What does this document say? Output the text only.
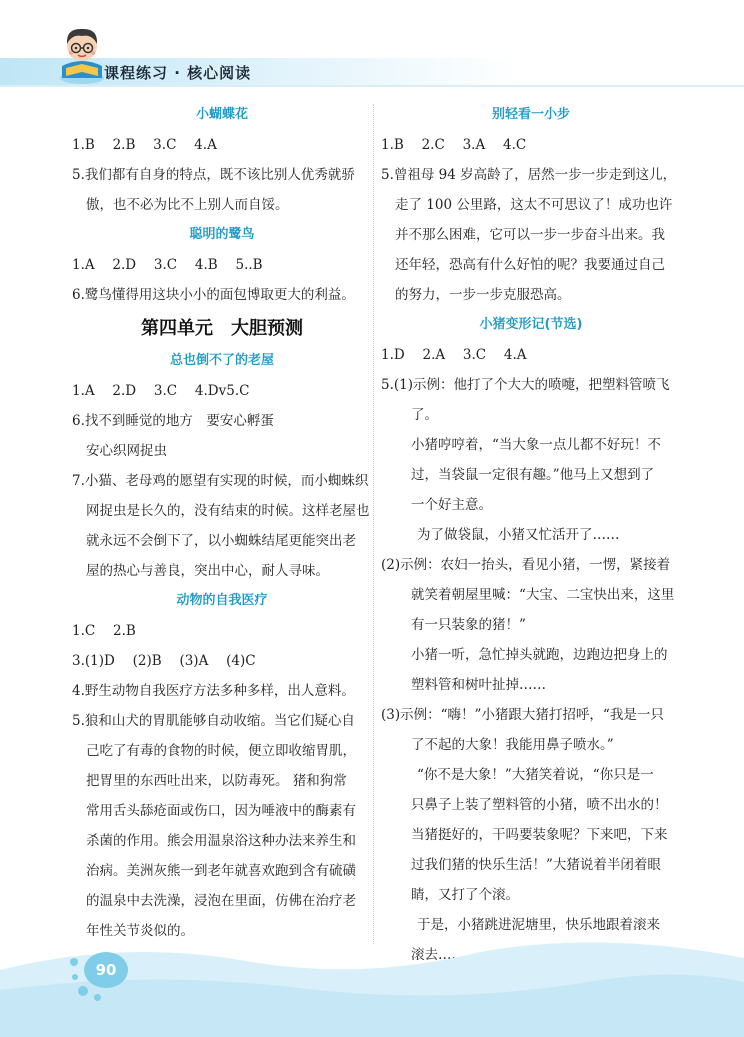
课程练习 · 核心阅读
小蝴蝶花
1.B　 2.B　 3.C　 4.A
5.我们都有自身的特点，既不该比别人优秀就骄
傲，也不必为比不上别人而自馁。
聪明的鹭鸟
1.A　 2.D　 3.C　 4.B　 5..B
6.鹭鸟懂得用这块小小的面包博取更大的利益。
第四单元　大胆预测
总也倒不了的老屋
1.A　 2.D　 3.C　 4.Dv5.C
6.找不到睡觉的地方　要安心孵蛋
安心织网捉虫
7.小猫、老母鸡的愿望有实现的时候，而小蜘蛛织
网捉虫是长久的，没有结束的时候。这样老屋也
就永远不会倒下了，以小蜘蛛结尾更能突出老
屋的热心与善良，突出中心，耐人寻味。
动物的自我医疗
1.C　 2.B
3.(1)D　 (2)B　 (3)A　 (4)C
4.野生动物自我医疗方法多种多样，出人意料。
5.狼和山犬的胃肌能够自动收缩。当它们疑心自
己吃了有毒的食物的时候，便立即收缩胃肌，
把胃里的东西吐出来，以防毒死。 猪和狗常
常用舌头舔疮面或伤口，因为唾液中的酶素有
杀菌的作用。熊会用温泉浴这种办法来养生和
治病。美洲灰熊一到老年就喜欢跑到含有硫磺
的温泉中去洗澡，浸泡在里面，仿佛在治疗老
年性关节炎似的。
别轻看一小步
1.B　 2.C　 3.A　 4.C
5.曾祖母 94 岁高龄了，居然一步一步走到这儿，
走了 100 公里路，这太不可思议了！成功也许
并不那么困难，它可以一步一步奋斗出来。我
还年轻，恐高有什么好怕的呢？我要通过自己
的努力，一步一步克服恐高。
小猪变形记(节选)
1.D　 2.A　 3.C　 4.A
5.(1)示例：他打了个大大的喷嚏，把塑料管喷飞
了。
小猪哼哼着，“当大象一点儿都不好玩！不
过，当袋鼠一定很有趣。”他马上又想到了
一个好主意。
为了做袋鼠，小猪又忙活开了……
(2)示例：农妇一抬头，看见小猪，一愣，紧接着
就笑着朝屋里喊：“大宝、二宝快出来，这里
有一只装象的猪！”
小猪一听，急忙掉头就跑，边跑边把身上的
塑料管和树叶扯掉……
(3)示例：“嗨！”小猪跟大猪打招呼，“我是一只
了不起的大象！我能用鼻子喷水。”
“你不是大象！”大猪笑着说，“你只是一
只鼻子上装了塑料管的小猪，喷不出水的！
当猪挺好的，干吗要装象呢？下来吧，下来
过我们猪的快乐生活！”大猪说着半闭着眼
睛，又打了个滚。
于是，小猪跳进泥塘里，快乐地跟着滚来
滚去……
90
